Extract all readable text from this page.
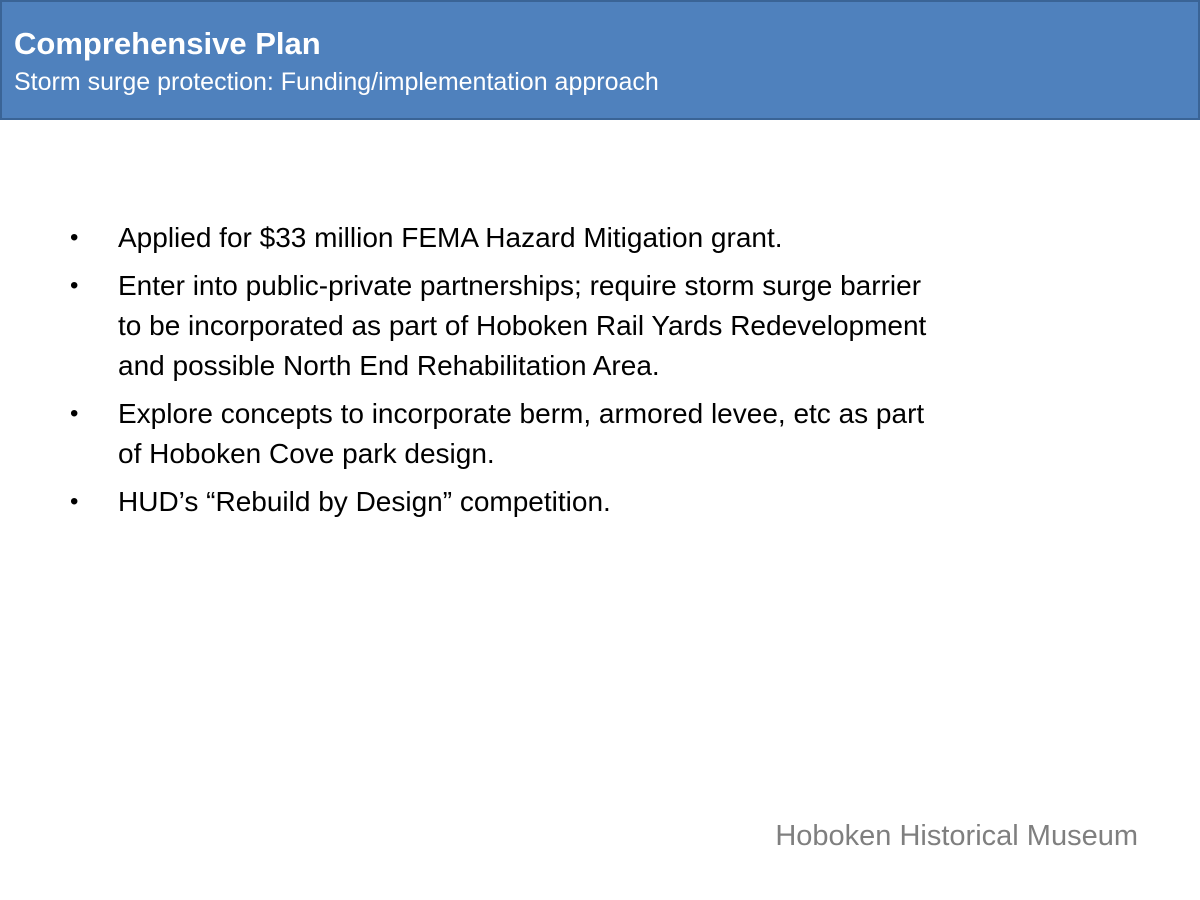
Comprehensive Plan
Storm surge protection: Funding/implementation approach
•	Applied for $33 million FEMA Hazard Mitigation grant.
•	Enter into public-private partnerships; require storm surge barrier to be incorporated as part of Hoboken Rail Yards Redevelopment and possible North End Rehabilitation Area.
•	Explore concepts to incorporate berm, armored levee, etc as part of Hoboken Cove park design.
•	HUD’s “Rebuild by Design” competition.
Hoboken Historical Museum
